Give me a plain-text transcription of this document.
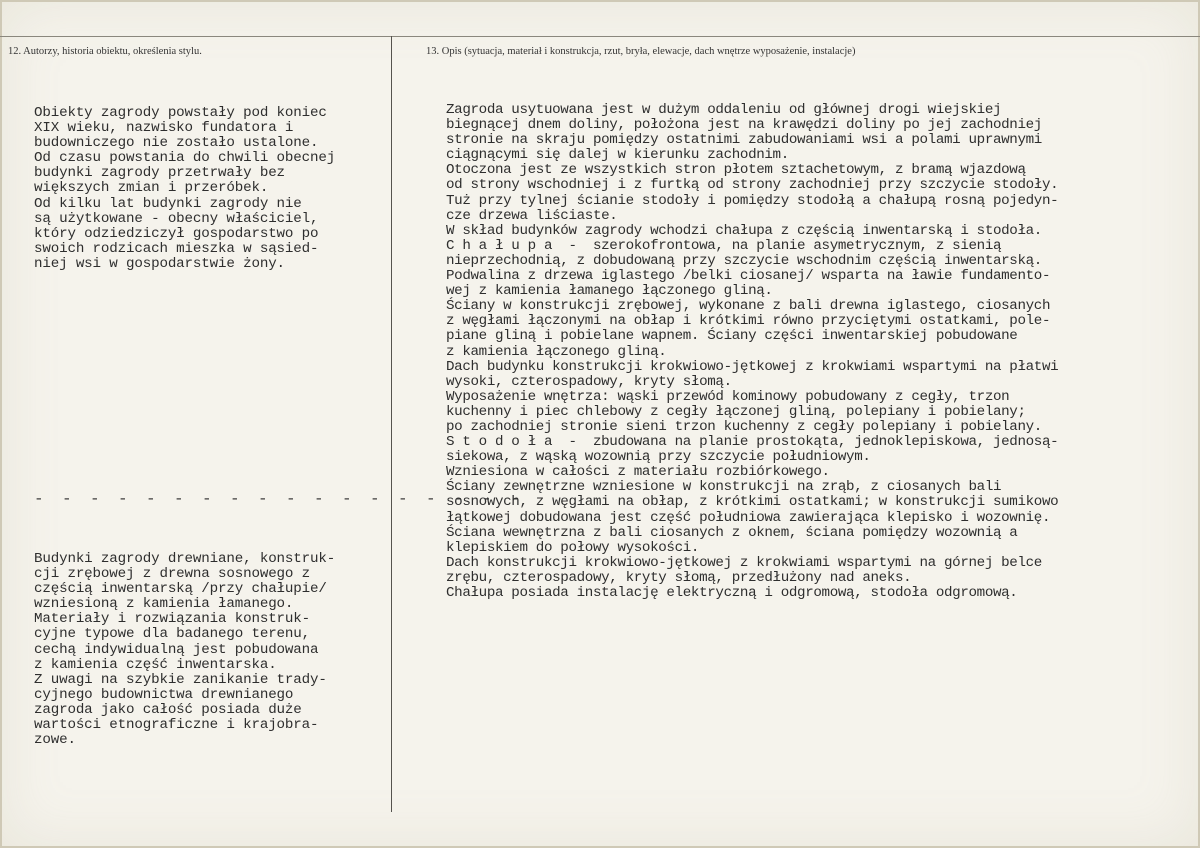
12. Autorzy, historia obiektu, określenia stylu.	13. Opis (sytuacja, materiał i konstrukcja, rzut, bryła, elewacje, dach wnętrze wyposażenie, instalacje)
Obiekty zagrody powstały pod koniec
XIX wieku, nazwisko fundatora i
budowniczego nie zostało ustalone.
Od czasu powstania do chwili obecnej
budynki zagrody przetrwały bez
większych zmian i przeróbek.
Od kilku lat budynki zagrody nie
są użytkowane - obecny właściciel,
który odziedziczył gospodarstwo po
swoich rodzicach mieszka w sąsied-
niej wsi w gospodarstwie żony.
- - - - - - - - - - - - - - - - - -
Budynki zagrody drewniane, konstruk-
cji zrębowej z drewna sosnowego z
częścią inwentarską /przy chałupie/
wzniesioną z kamienia łamanego.
Materiały i rozwiązania konstruk-
cyjne typowe dla badanego terenu,
cechą indywidualną jest pobudowana
z kamienia część inwentarska.
Z uwagi na szybkie zanikanie trady-
cyjnego budownictwa drewnianego
zagroda jako całość posiada duże
wartości etnograficzne i krajobra-
zowe.
Zagroda usytuowana jest w dużym oddaleniu od głównej drogi wiejskiej
biegnącej dnem doliny, położona jest na krawędzi doliny po jej zachodniej
stronie na skraju pomiędzy ostatnimi zabudowaniami wsi a polami uprawnymi
ciągnącymi się dalej w kierunku zachodnim.
Otoczona jest ze wszystkich stron płotem sztachetowym, z bramą wjazdową
od strony wschodniej i z furtką od strony zachodniej przy szczycie stodoły.
Tuż przy tylnej ścianie stodoły i pomiędzy stodołą a chałupą rosną pojedyn-
cze drzewa liściaste.
W skład budynków zagrody wchodzi chałupa z częścią inwentarską i stodoła.
C h a ł u p a  -  szerokofrontowa, na planie asymetrycznym, z sienią
nieprzechodnią, z dobudowaną przy szczycie wschodnim częścią inwentarską.
Podwalina z drzewa iglastego /belki ciosanej/ wsparta na ławie fundamento-
wej z kamienia łamanego łączonego gliną.
Ściany w konstrukcji zrębowej, wykonane z bali drewna iglastego, ciosanych
z węgłami łączonymi na obłap i krótkimi równo przyciętymi ostatkami, pole-
piane gliną i pobielane wapnem. Ściany części inwentarskiej pobudowane
z kamienia łączonego gliną.
Dach budynku konstrukcji krokwiowo-jętkowej z krokwiami wspartymi na płatwi
wysoki, czterospadowy, kryty słomą.
Wyposażenie wnętrza: wąski przewód kominowy pobudowany z cegły, trzon
kuchenny i piec chlebowy z cegły łączonej gliną, polepiany i pobielany;
po zachodniej stronie sieni trzon kuchenny z cegły polepiany i pobielany.
S t o d o ł a  -  zbudowana na planie prostokąta, jednoklepiskowa, jednosą-
siekowa, z wąską wozownią przy szczycie południowym.
Wzniesiona w całości z materiału rozbiórkowego.
Ściany zewnętrzne wzniesione w konstrukcji na zrąb, z ciosanych bali
sosnowych, z węgłami na obłap, z krótkimi ostatkami; w konstrukcji sumikowo
łątkowej dobudowana jest część południowa zawierająca klepisko i wozownię.
Ściana wewnętrzna z bali ciosanych z oknem, ściana pomiędzy wozownią a
klepiskiem do połowy wysokości.
Dach konstrukcji krokwiowo-jętkowej z krokwiami wspartymi na górnej belce
zrębu, czterospadowy, kryty słomą, przedłużony nad aneks.
Chałupa posiada instalację elektryczną i odgromową, stodoła odgromową.
